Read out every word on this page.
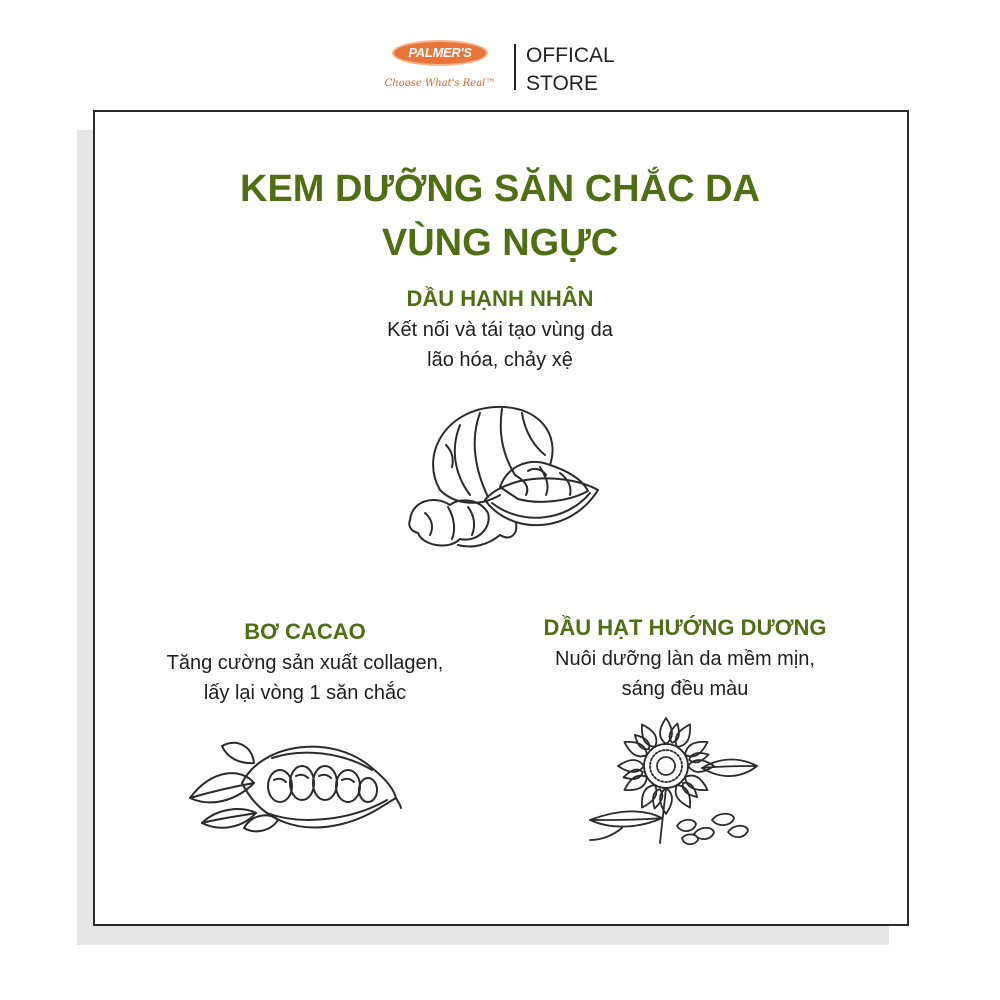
PALMER'S
Choose What's Real™
OFFICAL
STORE
KEM DƯỠNG SĂN CHẮC DA
VÙNG NGỰC
DẦU HẠNH NHÂN
Kết nối và tái tạo vùng da
lão hóa, chảy xệ
BƠ CACAO
Tăng cường sản xuất collagen,
lấy lại vòng 1 săn chắc
DẦU HẠT HƯỚNG DƯƠNG
Nuôi dưỡng làn da mềm mịn,
sáng đều màu
